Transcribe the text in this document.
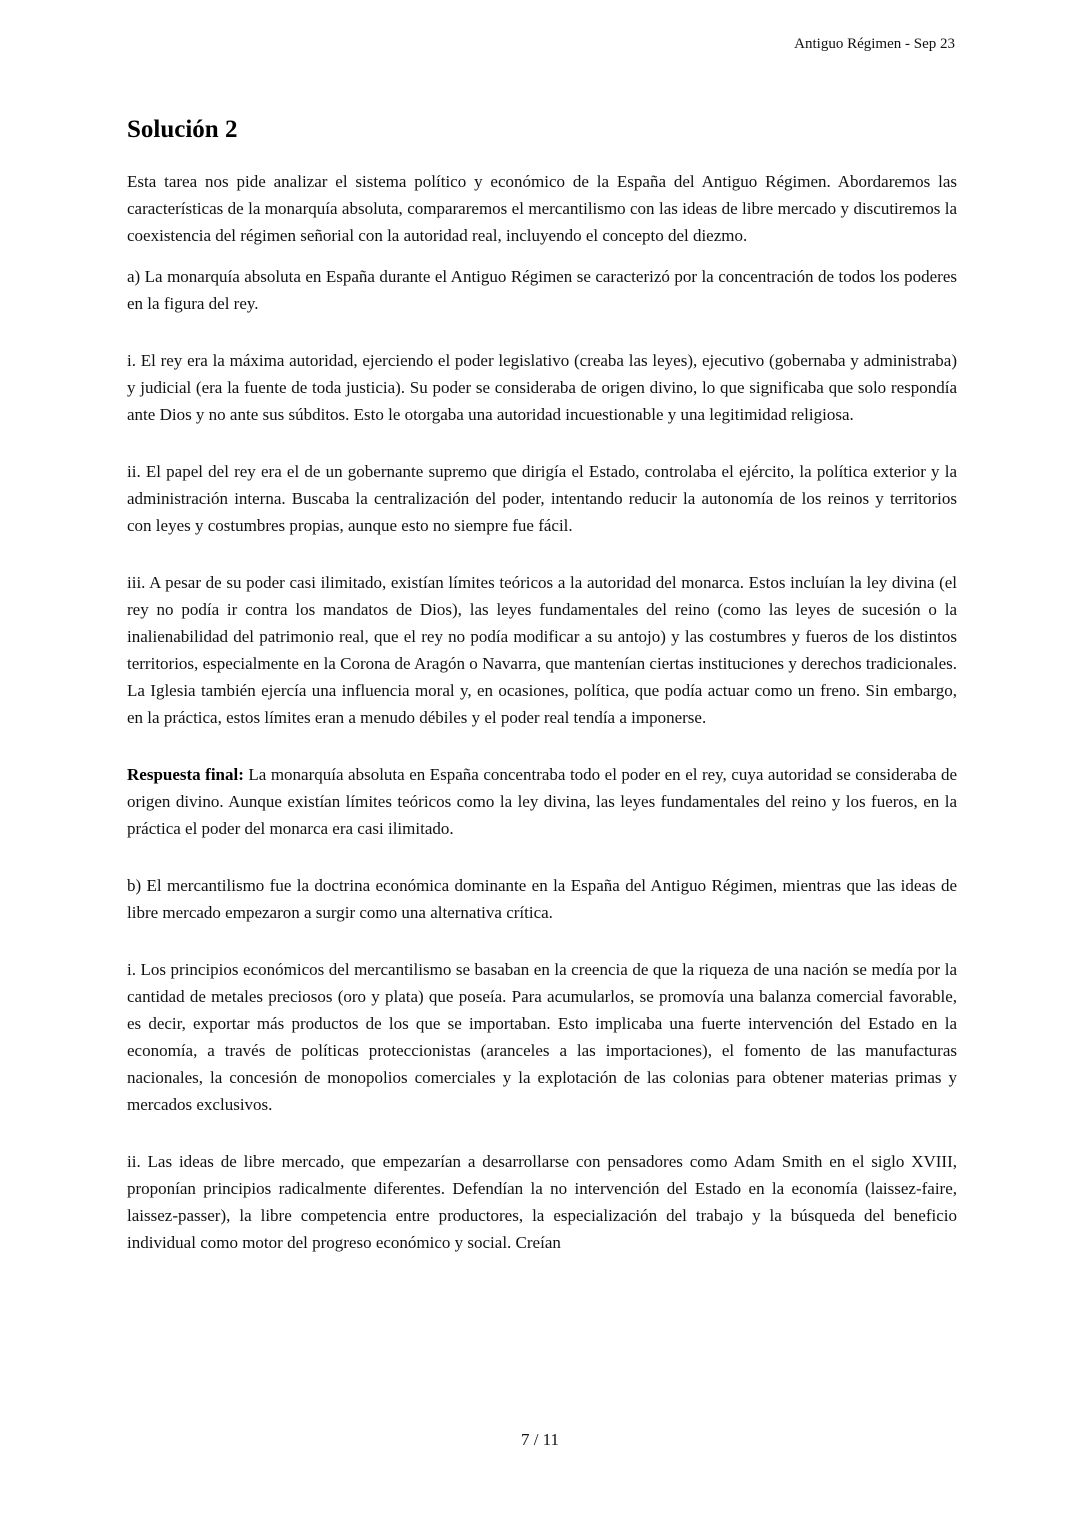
Antiguo Régimen - Sep 23
Solución 2

Esta tarea nos pide analizar el sistema político y económico de la España del Antiguo Régimen. Abordaremos las características de la monarquía absoluta, compararemos el mercantilismo con las ideas de libre mercado y discutiremos la coexistencia del régimen señorial con la autoridad real, incluyendo el concepto del diezmo.

a) La monarquía absoluta en España durante el Antiguo Régimen se caracterizó por la concentración de todos los poderes en la figura del rey.

i. El rey era la máxima autoridad, ejerciendo el poder legislativo (creaba las leyes), ejecutivo (gobernaba y administraba) y judicial (era la fuente de toda justicia). Su poder se consideraba de origen divino, lo que significaba que solo respondía ante Dios y no ante sus súbditos. Esto le otorgaba una autoridad incuestionable y una legitimidad religiosa.

ii. El papel del rey era el de un gobernante supremo que dirigía el Estado, controlaba el ejército, la política exterior y la administración interna. Buscaba la centralización del poder, intentando reducir la autonomía de los reinos y territorios con leyes y costumbres propias, aunque esto no siempre fue fácil.

iii. A pesar de su poder casi ilimitado, existían límites teóricos a la autoridad del monarca. Estos incluían la ley divina (el rey no podía ir contra los mandatos de Dios), las leyes fundamentales del reino (como las leyes de sucesión o la inalienabilidad del patrimonio real, que el rey no podía modificar a su antojo) y las costumbres y fueros de los distintos territorios, especialmente en la Corona de Aragón o Navarra, que mantenían ciertas instituciones y derechos tradicionales. La Iglesia también ejercía una influencia moral y, en ocasiones, política, que podía actuar como un freno. Sin embargo, en la práctica, estos límites eran a menudo débiles y el poder real tendía a imponerse.

Respuesta final: La monarquía absoluta en España concentraba todo el poder en el rey, cuya autoridad se consideraba de origen divino. Aunque existían límites teóricos como la ley divina, las leyes fundamentales del reino y los fueros, en la práctica el poder del monarca era casi ilimitado.

b) El mercantilismo fue la doctrina económica dominante en la España del Antiguo Régimen, mientras que las ideas de libre mercado empezaron a surgir como una alternativa crítica.

i. Los principios económicos del mercantilismo se basaban en la creencia de que la riqueza de una nación se medía por la cantidad de metales preciosos (oro y plata) que poseía. Para acumularlos, se promovía una balanza comercial favorable, es decir, exportar más productos de los que se importaban. Esto implicaba una fuerte intervención del Estado en la economía, a través de políticas proteccionistas (aranceles a las importaciones), el fomento de las manufacturas nacionales, la concesión de monopolios comerciales y la explotación de las colonias para obtener materias primas y mercados exclusivos.

ii. Las ideas de libre mercado, que empezarían a desarrollarse con pensadores como Adam Smith en el siglo XVIII, proponían principios radicalmente diferentes. Defendían la no intervención del Estado en la economía (laissez-faire, laissez-passer), la libre competencia entre productores, la especialización del trabajo y la búsqueda del beneficio individual como motor del progreso económico y social. Creían

7 / 11
